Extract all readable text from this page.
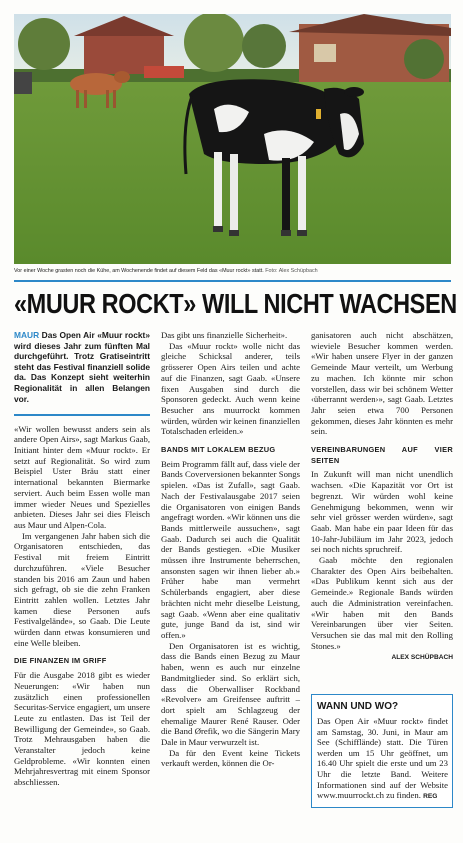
Vor einer Woche grasten noch die Kühe, am Wochenende findet auf diesem Feld das «Muur rockt» statt. Foto: Alex Schüpbach
«MUUR ROCKT» WILL NICHT WACHSEN
MAUR Das Open Air «Muur rockt» wird dieses Jahr zum fünften Mal durchgeführt. Trotz Gratiseintritt steht das Festival finanziell solide da. Das Konzept sieht weiterhin Regionalität in allen Belangen vor.

«Wir wollen bewusst anders sein als andere Open Airs», sagt Markus Gaab, Initiant hinter dem «Muur rockt». Er setzt auf Regionalität. So wird zum Beispiel Uster Bräu statt einer international bekannten Biermarke serviert. Auch beim Essen wolle man immer wieder Neues und Spezielles anbieten. Dieses Jahr sei dies Fleisch aus Maur und Alpen-Cola.

Im vergangenen Jahr haben sich die Organisatoren entschieden, das Festival mit freiem Eintritt durchzuführen. «Viele Besucher standen bis 2016 am Zaun und haben sich gefragt, ob sie die zehn Franken Eintritt zahlen wollen. Letztes Jahr kamen diese Personen aufs Festivalgelände», so Gaab. Die Leute würden dann etwas konsumieren und eine Welle bleiben.

DIE FINANZEN IM GRIFF

Für die Ausgabe 2018 gibt es wieder Neuerungen: «Wir haben nun zusätzlich einen professionellen Securitas-Service engagiert, um unsere Leute zu entlasten. Das ist Teil der Bewilligung der Gemeinde», so Gaab. Trotz Mehrausgaben haben die Veranstalter jedoch keine Geldprobleme. «Wir konnten einen Mehrjahresvertrag mit einem Sponsor abschliessen.

Das gibt uns finanzielle Sicherheit».

Das «Muur rockt» wolle nicht das gleiche Schicksal anderer, teils grösserer Open Airs teilen und achte auf die Finanzen, sagt Gaab. «Unsere fixen Ausgaben sind durch die Sponsoren gedeckt. Auch wenn keine Besucher ans muurrockt kommen würden, würden wir keinen finanziellen Totalschaden erleiden.»

BANDS MIT LOKALEM BEZUG

Beim Programm fällt auf, dass viele der Bands Coverversionen bekannter Songs spielen. «Das ist Zufall», sagt Gaab. Nach der Festivalausgabe 2017 seien die Organisatoren von einigen Bands angefragt worden. «Wir können uns die Bands mittlerweile aussuchen», sagt Gaab. Dadurch sei auch die Qualität der Bands gestiegen. «Die Musiker müssen ihre Instrumente beherrschen, ansonsten sagen wir ihnen lieber ab.» Früher habe man vermehrt Schülerbands engagiert, aber diese brächten nicht mehr dieselbe Leistung, sagt Gaab. «Wenn aber eine qualitativ gute, junge Band da ist, sind wir offen.»

Den Organisatoren ist es wichtig, dass die Bands einen Bezug zu Maur haben, wenn es auch nur einzelne Bandmitglieder sind. So erklärt sich, dass die Oberwalliser Rockband «Revolver» am Greifensee auftritt – dort spielt am Schlagzeug der ehemalige Maurer René Rauser. Oder die Band Ørefik, wo die Sängerin Mary Dale in Maur verwurzelt ist.

Da für den Event keine Tickets verkauft werden, können die Or-

ganisatoren auch nicht abschätzen, wieviele Besucher kommen werden. «Wir haben unsere Flyer in der ganzen Gemeinde Maur verteilt, um Werbung zu machen. Ich könnte mir schon vorstellen, dass wir bei schönem Wetter ‹überrannt werden›», sagt Gaab. Letztes Jahr seien etwa 700 Personen gekommen, dieses Jahr könnten es mehr sein.

VEREINBARUNGEN AUF VIER SEITEN

In Zukunft will man nicht unendlich wachsen. «Die Kapazität vor Ort ist begrenzt. Wir würden wohl keine Genehmigung bekommen, wenn wir sehr viel grösser werden würden», sagt Gaab. Man habe ein paar Ideen für das 10-Jahr-Jubiläum im Jahr 2023, jedoch sei noch nichts spruchreif.

Gaab möchte den regionalen Charakter des Open Airs beibehalten. «Das Publikum kennt sich aus der Gemeinde.» Regionale Bands würden auch die Administration vereinfachen. «Wir haben mit den Bands Vereinbarungen über vier Seiten. Versuchen sie das mal mit den Rolling Stones.»

ALEX SCHÜPBACH
WANN UND WO?

Das Open Air «Muur rockt» findet am Samstag, 30. Juni, in Maur am See (Schifflände) statt. Die Türen werden um 15 Uhr geöffnet, um 16.40 Uhr spielt die erste und um 23 Uhr die letzte Band. Weitere Informationen sind auf der Website www.muurrockt.ch zu finden. REG
